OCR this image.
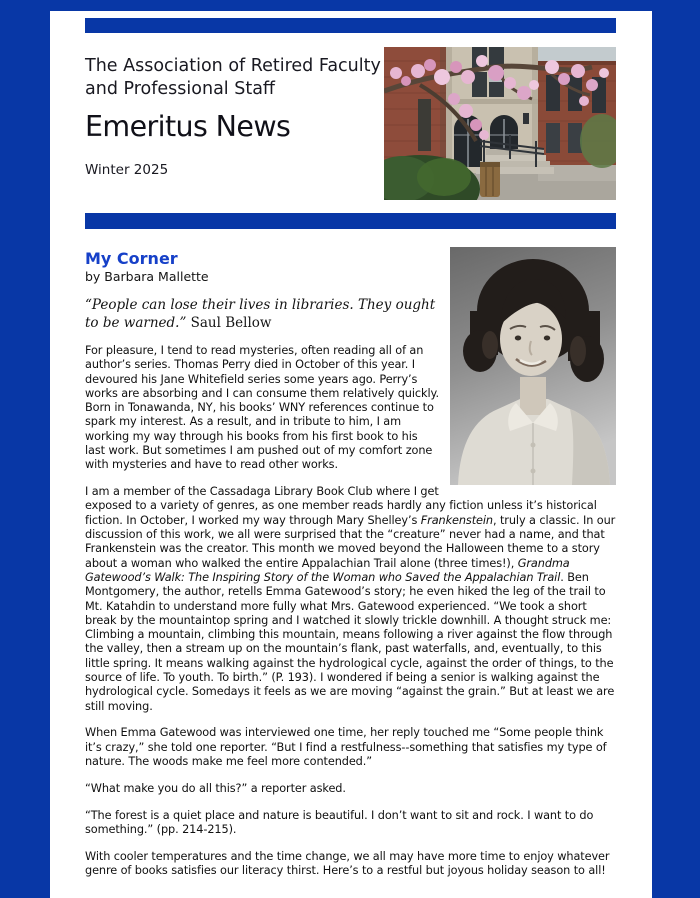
The Association of Retired Faculty and Professional Staff
Emeritus News
Winter 2025
My Corner

by Barbara Mallette

“People can lose their lives in libraries. They ought to be warned.” Saul Bellow

For pleasure, I tend to read mysteries, often reading all of an author’s series. Thomas Perry died in October of this year. I devoured his Jane Whitefield series some years ago. Perry’s works are absorbing and I can consume them relatively quickly. Born in Tonawanda, NY, his books’ WNY references continue to spark my interest. As a result, and in tribute to him, I am working my way through his books from his first book to his last work. But sometimes I am pushed out of my comfort zone with mysteries and have to read other works.

I am a member of the Cassadaga Library Book Club where I get exposed to a variety of genres, as one member reads hardly any fiction unless it’s historical fiction. In October, I worked my way through Mary Shelley’s Frankenstein, truly a classic. In our discussion of this work, we all were surprised that the “creature” never had a name, and that Frankenstein was the creator. This month we moved beyond the Halloween theme to a story about a woman who walked the entire Appalachian Trail alone (three times!), Grandma Gatewood’s Walk: The Inspiring Story of the Woman who Saved the Appalachian Trail. Ben Montgomery, the author, retells Emma Gatewood’s story; he even hiked the leg of the trail to Mt. Katahdin to understand more fully what Mrs. Gatewood experienced. “We took a short break by the mountaintop spring and I watched it slowly trickle downhill. A thought struck me: Climbing a mountain, climbing this mountain, means following a river against the flow through the valley, then a stream up on the mountain’s flank, past waterfalls, and, eventually, to this little spring. It means walking against the hydrological cycle, against the order of things, to the source of life. To youth. To birth.” (P. 193). I wondered if being a senior is walking against the hydrological cycle. Somedays it feels as we are moving “against the grain.” But at least we are still moving.

When Emma Gatewood was interviewed one time, her reply touched me “Some people think it’s crazy,” she told one reporter. “But I find a restfulness--something that satisfies my type of nature. The woods make me feel more contended.”

“What make you do all this?” a reporter asked.

“The forest is a quiet place and nature is beautiful. I don’t want to sit and rock. I want to do something.” (pp. 214-215).

With cooler temperatures and the time change, we all may have more time to enjoy whatever genre of books satisfies our literacy thirst. Here’s to a restful but joyous holiday season to all!
